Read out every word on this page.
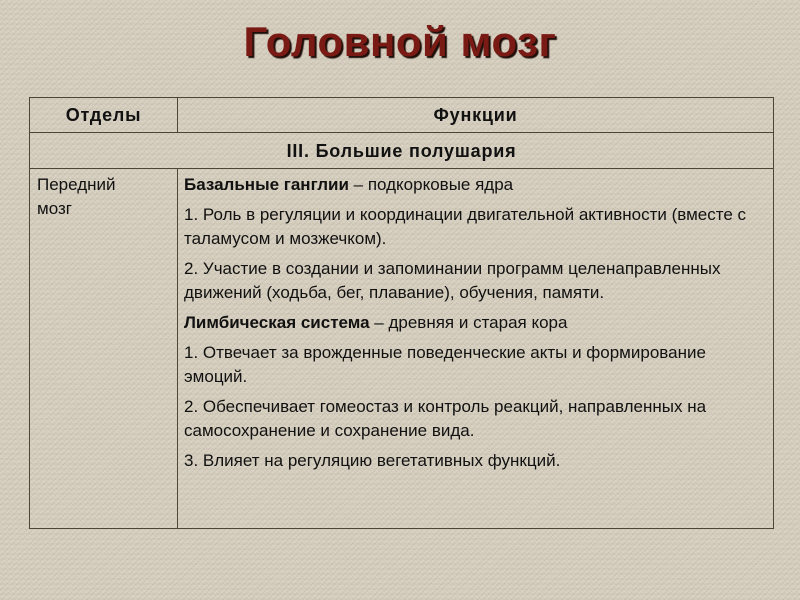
Головной мозг
Отделы	Функции
III. Большие полушария
Передний
мозг

Базальные ганглии – подкорковые ядра

1. Роль в регуляции и координации двигательной активности (вместе с таламусом и мозжечком).

2. Участие в создании и запоминании программ целенаправленных движений (ходьба, бег, плавание), обучения, памяти.

Лимбическая система – древняя и старая кора

1. Отвечает за врожденные поведенческие акты и формирование эмоций.

2. Обеспечивает гомеостаз и контроль реакций, направленных на самосохранение и сохранение вида.

3. Влияет на регуляцию вегетативных функций.
